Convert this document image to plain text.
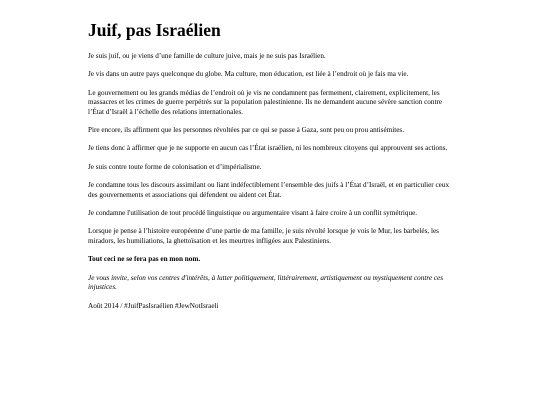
Juif, pas Israélien

Je suis juif, ou je viens d’une famille de culture juive, mais je ne suis pas Israélien.

Je vis dans un autre pays quelconque du globe. Ma culture, mon éducation, est liée à l’endroit où je fais ma vie.

Le gouvernement ou les grands médias de l’endroit où je vis ne condamnent pas fermement, clairement, explicitement, les massacres et les crimes de guerre perpétrés sur la population palestinienne. Ils ne demandent aucune sévère sanction contre l’État d’Israël à l’échelle des relations internationales.

Pire encore, ils affirment que les personnes révoltées par ce qui se passe à Gaza, sont peu ou prou antisémites.

Je tiens donc à affirmer que je ne supporte en aucun cas l’État israélien, ni les nombreux citoyens qui approuvent ses actions.

Je suis contre toute forme de colonisation et d’impérialisme.

Je condamne tous les discours assimilant ou liant indéfectiblement l’ensemble des juifs à l’État d’Israël, et en particulier ceux des gouvernements et associations qui défendent ou aident cet État.

Je condamne l'utilisation de tout procédé linguistique ou argumentaire visant à faire croire à un conflit symétrique.

Lorsque je pense à l’histoire européenne d’une partie de ma famille, je suis révolté lorsque je vois le Mur, les barbelés, les miradors, les humiliations, la ghettoïsation et les meurtres infligées aux Palestiniens.

Tout ceci ne se fera pas en mon nom.

Je vous invite, selon vos centres d'intérêts, à lutter politiquement, littérairement, artistiquement ou mystiquement contre ces injustices.

Août 2014 / #JuifPasIsraélien #JewNotIsraeli
